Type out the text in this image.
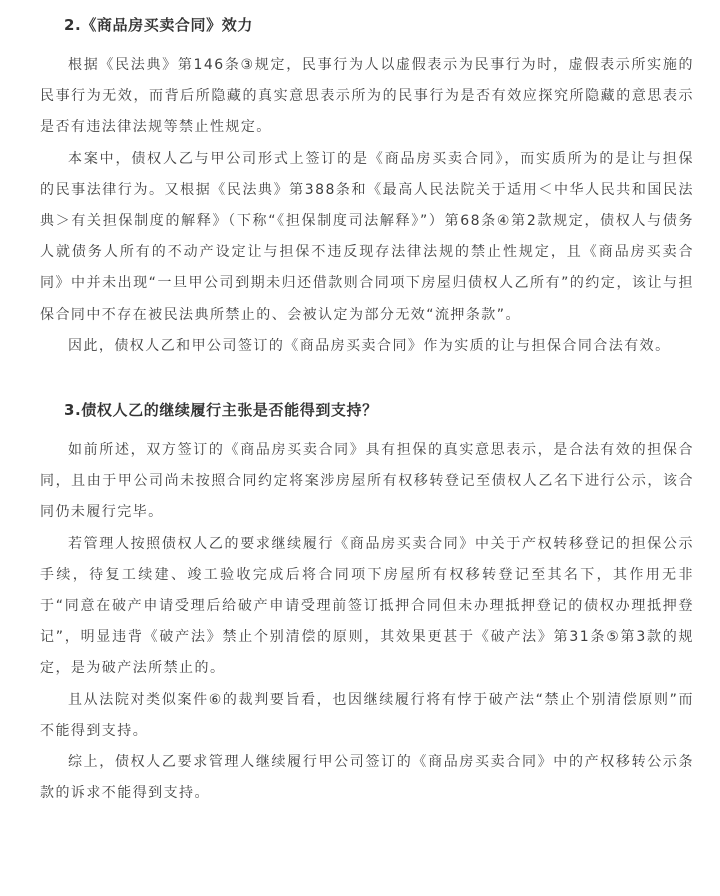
2.《商品房买卖合同》效力

根据《民法典》第146条③规定，民事行为人以虚假表示为民事行为时，虚假表示所实施的民事行为无效，而背后所隐藏的真实意思表示所为的民事行为是否有效应探究所隐藏的意思表示是否有违法律法规等禁止性规定。

本案中，债权人乙与甲公司形式上签订的是《商品房买卖合同》，而实质所为的是让与担保的民事法律行为。又根据《民法典》第388条和《最高人民法院关于适用＜中华人民共和国民法典＞有关担保制度的解释》（下称“《担保制度司法解释》”）第68条④第2款规定，债权人与债务人就债务人所有的不动产设定让与担保不违反现存法律法规的禁止性规定，且《商品房买卖合同》中并未出现“一旦甲公司到期未归还借款则合同项下房屋归债权人乙所有”的约定，该让与担保合同中不存在被民法典所禁止的、会被认定为部分无效“流押条款”。

因此，债权人乙和甲公司签订的《商品房买卖合同》作为实质的让与担保合同合法有效。

3.债权人乙的继续履行主张是否能得到支持？

如前所述，双方签订的《商品房买卖合同》具有担保的真实意思表示，是合法有效的担保合同，且由于甲公司尚未按照合同约定将案涉房屋所有权移转登记至债权人乙名下进行公示，该合同仍未履行完毕。

若管理人按照债权人乙的要求继续履行《商品房买卖合同》中关于产权转移登记的担保公示手续，待复工续建、竣工验收完成后将合同项下房屋所有权移转登记至其名下，其作用无非于“同意在破产申请受理后给破产申请受理前签订抵押合同但未办理抵押登记的债权办理抵押登记”，明显违背《破产法》禁止个别清偿的原则，其效果更甚于《破产法》第31条⑤第3款的规定，是为破产法所禁止的。

且从法院对类似案件⑥的裁判要旨看，也因继续履行将有悖于破产法“禁止个别清偿原则”而不能得到支持。

综上，债权人乙要求管理人继续履行甲公司签订的《商品房买卖合同》中的产权移转公示条款的诉求不能得到支持。
